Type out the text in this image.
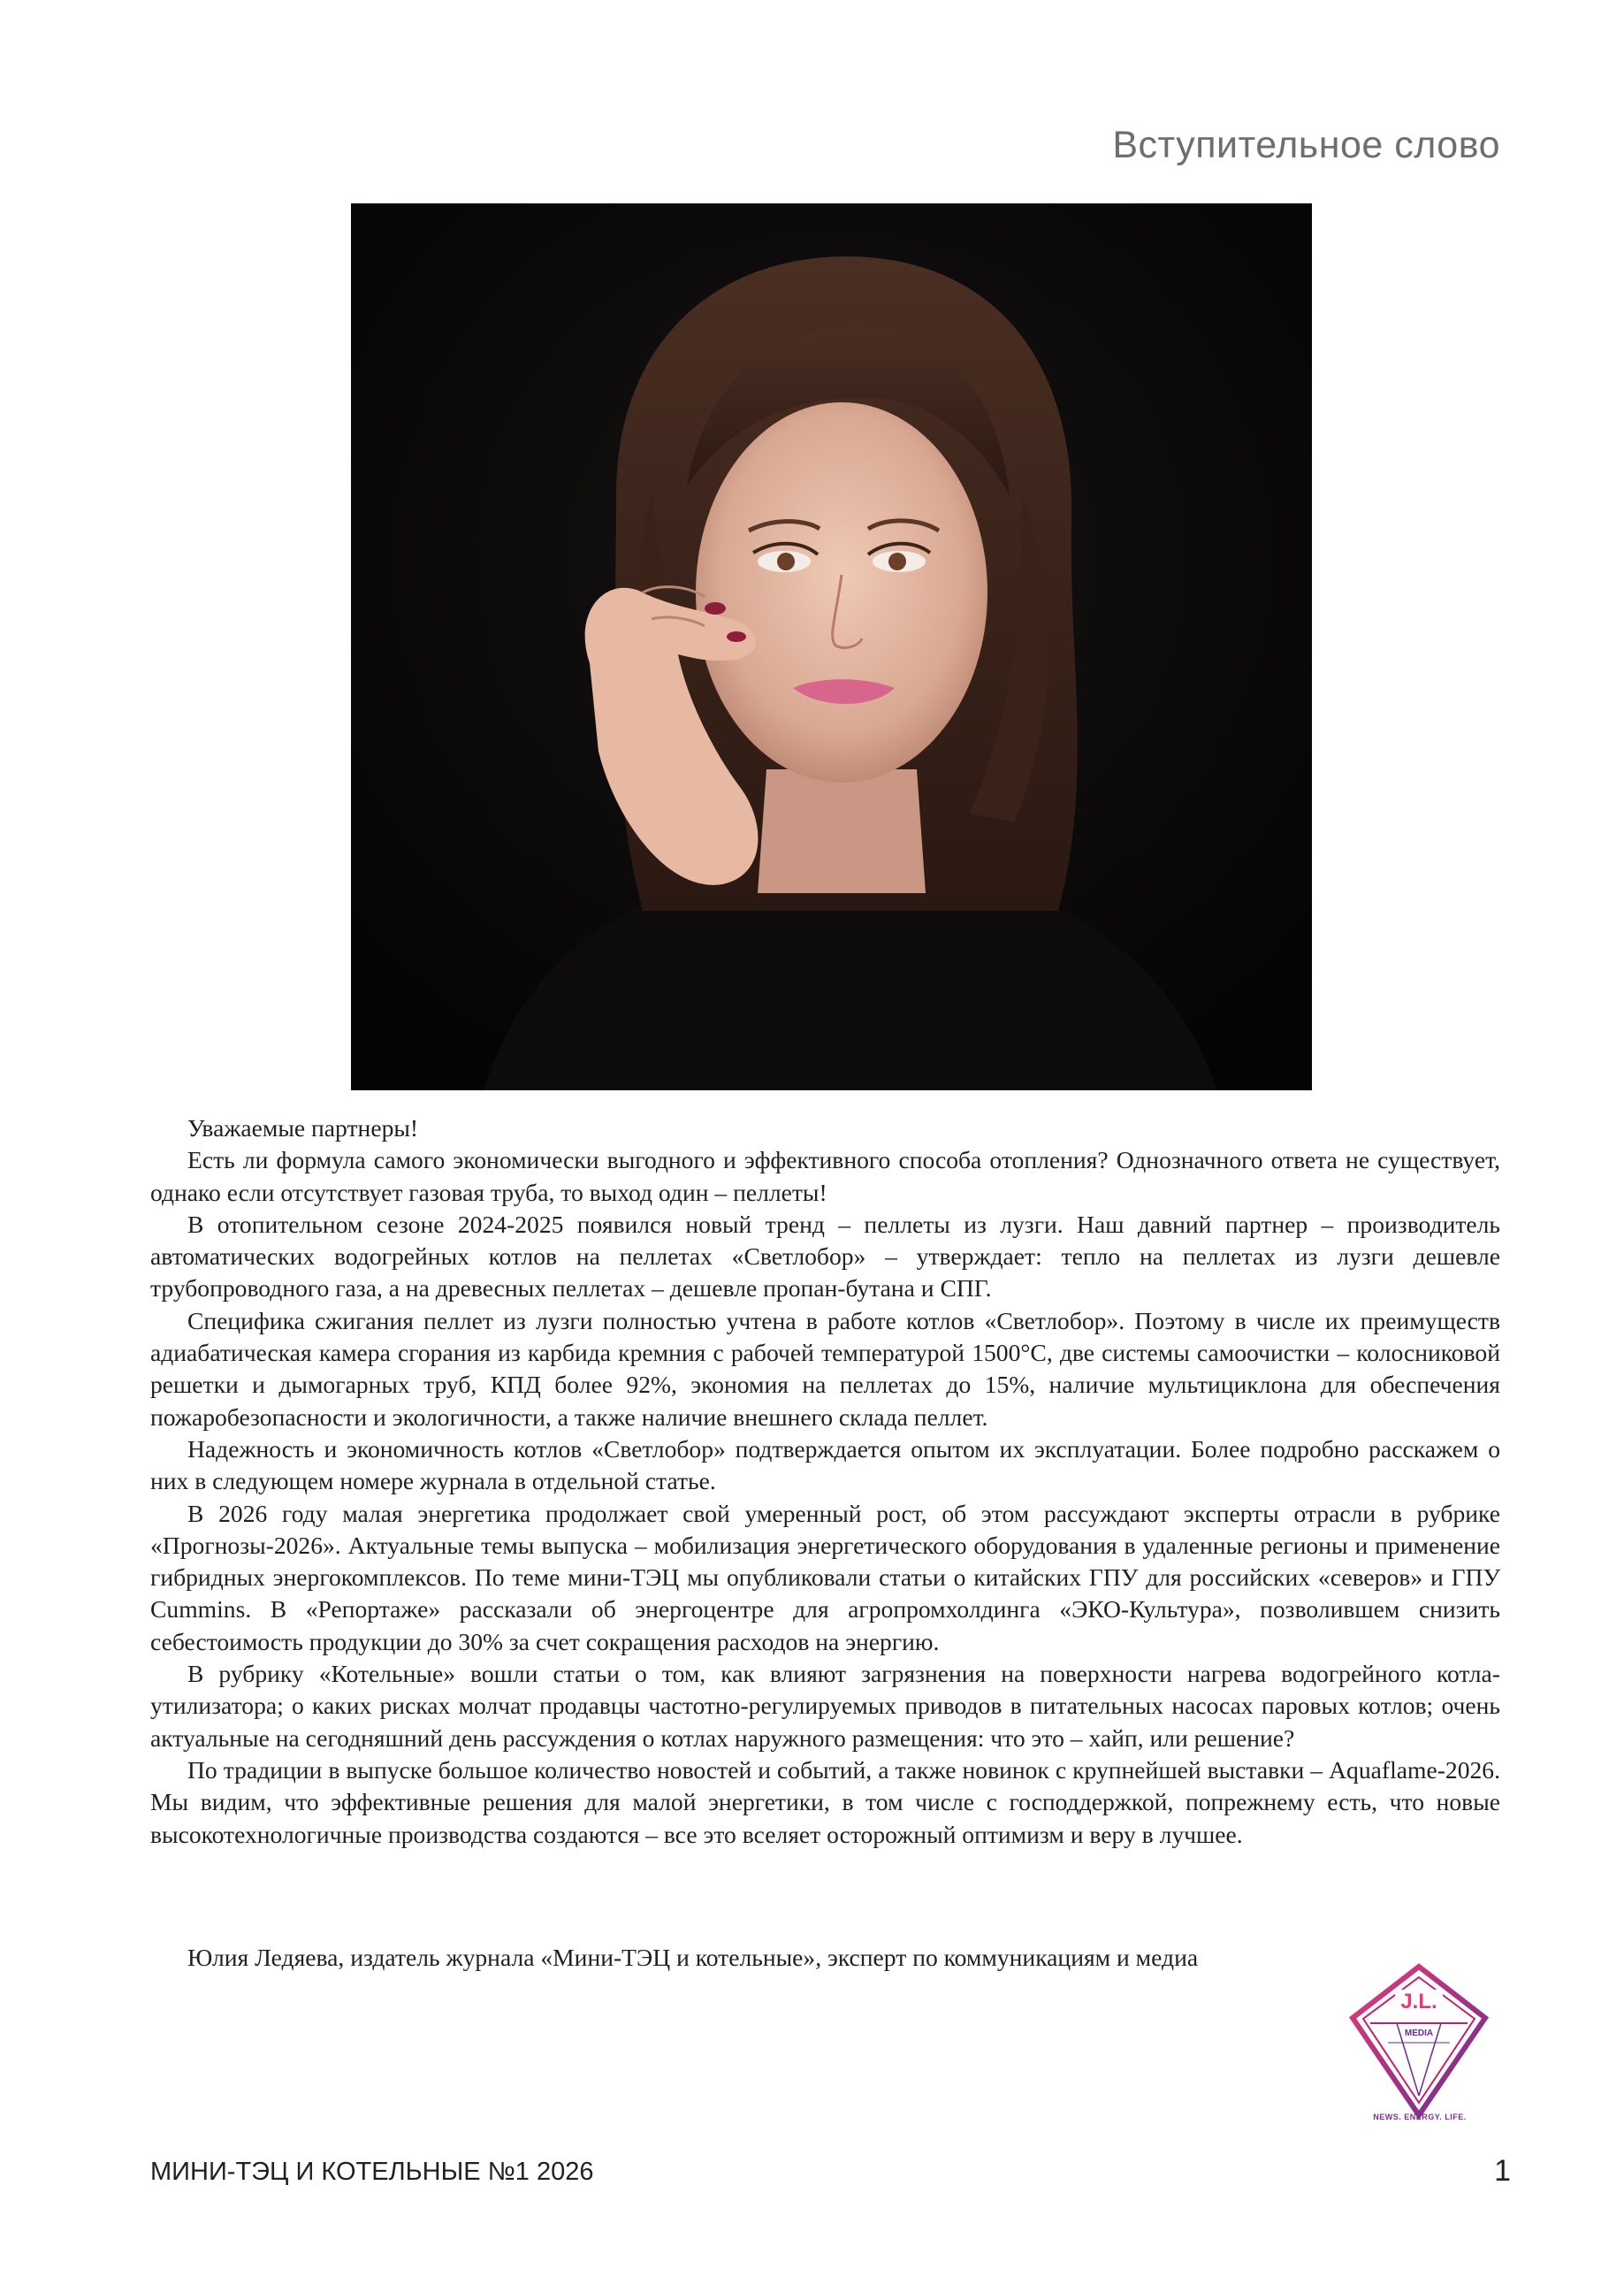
Вступительное слово

Уважаемые партнеры!

Есть ли формула самого экономически выгодного и эффективного способа отопления? Однозначного ответа не существует, однако если отсутствует газовая труба, то выход один – пеллеты!

В отопительном сезоне 2024-2025 появился новый тренд – пеллеты из лузги. Наш давний партнер – производитель автоматических водогрейных котлов на пеллетах «Светлобор» – утверждает: тепло на пеллетах из лузги дешевле трубопроводного газа, а на древесных пеллетах – дешевле пропан-бутана и СПГ.

Специфика сжигания пеллет из лузги полностью учтена в работе котлов «Светлобор». Поэтому в числе их преимуществ адиабатическая камера сгорания из карбида кремния с рабочей температурой 1500°С, две системы самоочистки – колосниковой решетки и дымогарных труб, КПД более 92%, экономия на пеллетах до 15%, наличие мультициклона для обеспечения пожаробезопасности и экологичности, а также наличие внешнего склада пеллет.

Надежность и экономичность котлов «Светлобор» подтверждается опытом их эксплуатации. Более подробно расскажем о них в следующем номере журнала в отдельной статье.

В 2026 году малая энергетика продолжает свой умеренный рост, об этом рассуждают эксперты отрасли в рубрике «Прогнозы-2026». Актуальные темы выпуска – мобилизация энергетического оборудования в удаленные регионы и применение гибридных энергокомплексов. По теме мини-ТЭЦ мы опубликовали статьи о китайских ГПУ для российских «северов» и ГПУ Cummins. В «Репортаже» рассказали об энергоцентре для агропромхолдинга «ЭКО-Культура», позволившем снизить себестоимость продукции до 30% за счет сокращения расходов на энергию.

В рубрику «Котельные» вошли статьи о том, как влияют загрязнения на поверхности нагрева водогрейного котла-утилизатора; о каких рисках молчат продавцы частотно-регулируемых приводов в питательных насосах паровых котлов; очень актуальные на сегодняшний день рассуждения о котлах наружного размещения: что это – хайп, или решение?

По традиции в выпуске большое количество новостей и событий, а также новинок с крупнейшей выставки – Aquaflame-2026. Мы видим, что эффективные решения для малой энергетики, в том числе с господдержкой, попрежнему есть, что новые высокотехнологичные производства создаются – все это вселяет осторожный оптимизм и веру в лучшее.

Юлия Ледяева, издатель журнала «Мини-ТЭЦ и котельные», эксперт по коммуникациям и медиа

J.L.
MEDIA
NEWS. ENERGY. LIFE.

МИНИ-ТЭЦ И КОТЕЛЬНЫЕ №1 2026	1
